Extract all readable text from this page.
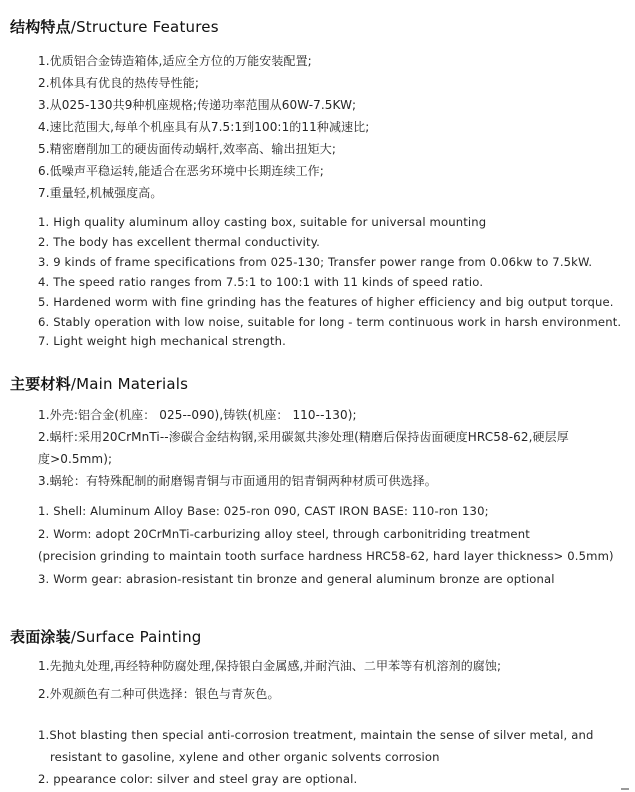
结构特点/Structure Features
1.优质铝合金铸造箱体,适应全方位的万能安装配置;
2.机体具有优良的热传导性能;
3.从025-130共9种机座规格;传递功率范围从60W-7.5KW;
4.速比范围大,每单个机座具有从7.5:1到100:1的11种减速比;
5.精密磨削加工的硬齿面传动蜗杆,效率高、输出扭矩大;
6.低噪声平稳运转,能适合在恶劣环境中长期连续工作;
7.重量轻,机械强度高。
1. High quality aluminum alloy casting box, suitable for universal mounting
2. The body has excellent thermal conductivity.
3. 9 kinds of frame specifications from 025-130; Transfer power range from 0.06kw to 7.5kW.
4. The speed ratio ranges from 7.5:1 to 100:1 with 11 kinds of speed ratio.
5. Hardened worm with fine grinding has the features of higher efficiency and big output torque.
6. Stably operation with low noise, suitable for long - term continuous work in harsh environment.
7. Light weight high mechanical strength.
主要材料/Main Materials
1.外壳:铝合金(机座： 025--090),铸铁(机座： 110--130);
2.蜗杆:采用20CrMnTi--渗碳合金结构钢,采用碳氮共渗处理(精磨后保持齿面硬度HRC58-62,硬层厚
度>0.5mm);
3.蜗轮：有特殊配制的耐磨锡青铜与市面通用的铝青铜两种材质可供选择。
1. Shell: Aluminum Alloy Base: 025-ron 090, CAST IRON BASE: 110-ron 130;
2. Worm: adopt 20CrMnTi-carburizing alloy steel, through carbonitriding treatment
(precision grinding to maintain tooth surface hardness HRC58-62, hard layer thickness> 0.5mm)
3. Worm gear: abrasion-resistant tin bronze and general aluminum bronze are optional
表面涂装/Surface Painting
1.先抛丸处理,再经特种防腐处理,保持银白金属感,并耐汽油、二甲苯等有机溶剂的腐蚀;
2.外观颜色有二种可供选择：银色与青灰色。
1.Shot blasting then special anti-corrosion treatment, maintain the sense of silver metal, and
resistant to gasoline, xylene and other organic solvents corrosion
2. ppearance color: silver and steel gray are optional.
